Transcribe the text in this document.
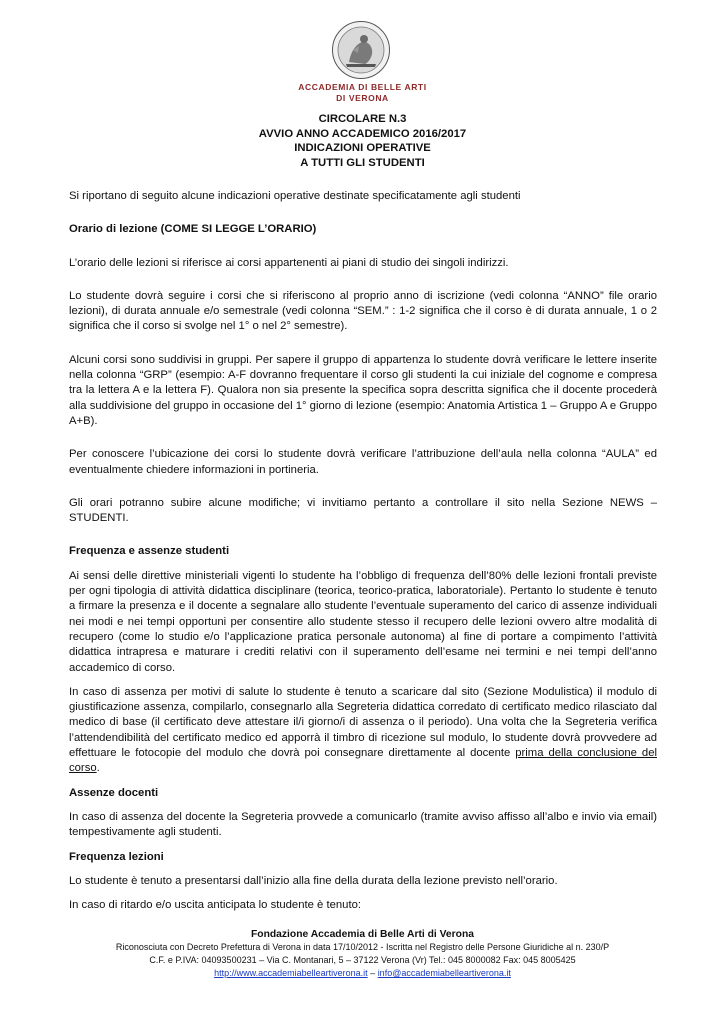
ACCADEMIA DI BELLE ARTI
DI VERONA
CIRCOLARE N.3
AVVIO ANNO ACCADEMICO 2016/2017
INDICAZIONI OPERATIVE
A TUTTI GLI STUDENTI

Si riportano di seguito alcune indicazioni operative destinate specificatamente agli studenti

Orario di lezione (COME SI LEGGE L’ORARIO)

L’orario delle lezioni si riferisce ai corsi appartenenti ai piani di studio dei singoli indirizzi.

Lo studente dovrà seguire i corsi che si riferiscono al proprio anno di iscrizione (vedi colonna “ANNO” file orario lezioni), di durata annuale e/o semestrale (vedi colonna “SEM.” : 1-2 significa che il corso è di durata annuale, 1 o 2 significa che il corso si svolge nel 1° o nel 2° semestre).

Alcuni corsi sono suddivisi in gruppi. Per sapere il gruppo di appartenza lo studente dovrà verificare le lettere inserite nella colonna “GRP” (esempio: A-F dovranno frequentare il corso gli studenti la cui iniziale del cognome e compresa tra la lettera A e la lettera F). Qualora non sia presente la specifica sopra descritta significa che il docente procederà alla suddivisione del gruppo in occasione del 1° giorno di lezione (esempio: Anatomia Artistica 1 – Gruppo A e Gruppo A+B).

Per conoscere l’ubicazione dei corsi lo studente dovrà verificare l’attribuzione dell’aula nella colonna “AULA” ed eventualmente chiedere informazioni in portineria.

Gli orari potranno subire alcune modifiche; vi invitiamo pertanto a controllare il sito nella Sezione NEWS – STUDENTI.

Frequenza e assenze studenti

Ai sensi delle direttive ministeriali vigenti lo studente ha l’obbligo di frequenza dell’80% delle lezioni frontali previste per ogni tipologia di attività didattica disciplinare (teorica, teorico-pratica, laboratoriale). Pertanto lo studente è tenuto a firmare la presenza e il docente a segnalare allo studente l’eventuale superamento del carico di assenze individuali nei modi e nei tempi opportuni per consentire allo studente stesso il recupero delle lezioni ovvero altre modalità di recupero (come lo studio e/o l’applicazione pratica personale autonoma) al fine di portare a compimento l’attività didattica intrapresa e maturare i crediti relativi con il superamento dell’esame nei termini e nei tempi dell’anno accademico di corso.

In caso di assenza per motivi di salute lo studente è tenuto a scaricare dal sito (Sezione Modulistica) il modulo di giustificazione assenza, compilarlo, consegnarlo alla Segreteria didattica corredato di certificato medico rilasciato dal medico di base (il certificato deve attestare il/i giorno/i di assenza o il periodo). Una volta che la Segreteria verifica l’attendendibilità del certificato medico ed apporrà il timbro di ricezione sul modulo, lo studente dovrà provvedere ad effettuare le fotocopie del modulo che dovrà poi consegnare direttamente al docente prima della conclusione del corso.

Assenze docenti

In caso di assenza del docente la Segreteria provvede a comunicarlo (tramite avviso affisso all’albo e invio via email) tempestivamente agli studenti.

Frequenza lezioni

Lo studente è tenuto a presentarsi dall’inizio alla fine della durata della lezione previsto nell’orario.

In caso di ritardo e/o uscita anticipata lo studente è tenuto:

Fondazione Accademia di Belle Arti di Verona
Riconosciuta con Decreto Prefettura di Verona in data 17/10/2012 - Iscritta nel Registro delle Persone Giuridiche al n. 230/P
C.F. e P.IVA: 04093500231 – Via C. Montanari, 5 – 37122 Verona (Vr) Tel.: 045 8000082 Fax: 045 8005425
http://www.accademiabelleartiverona.it – info@accademiabelleartiverona.it
